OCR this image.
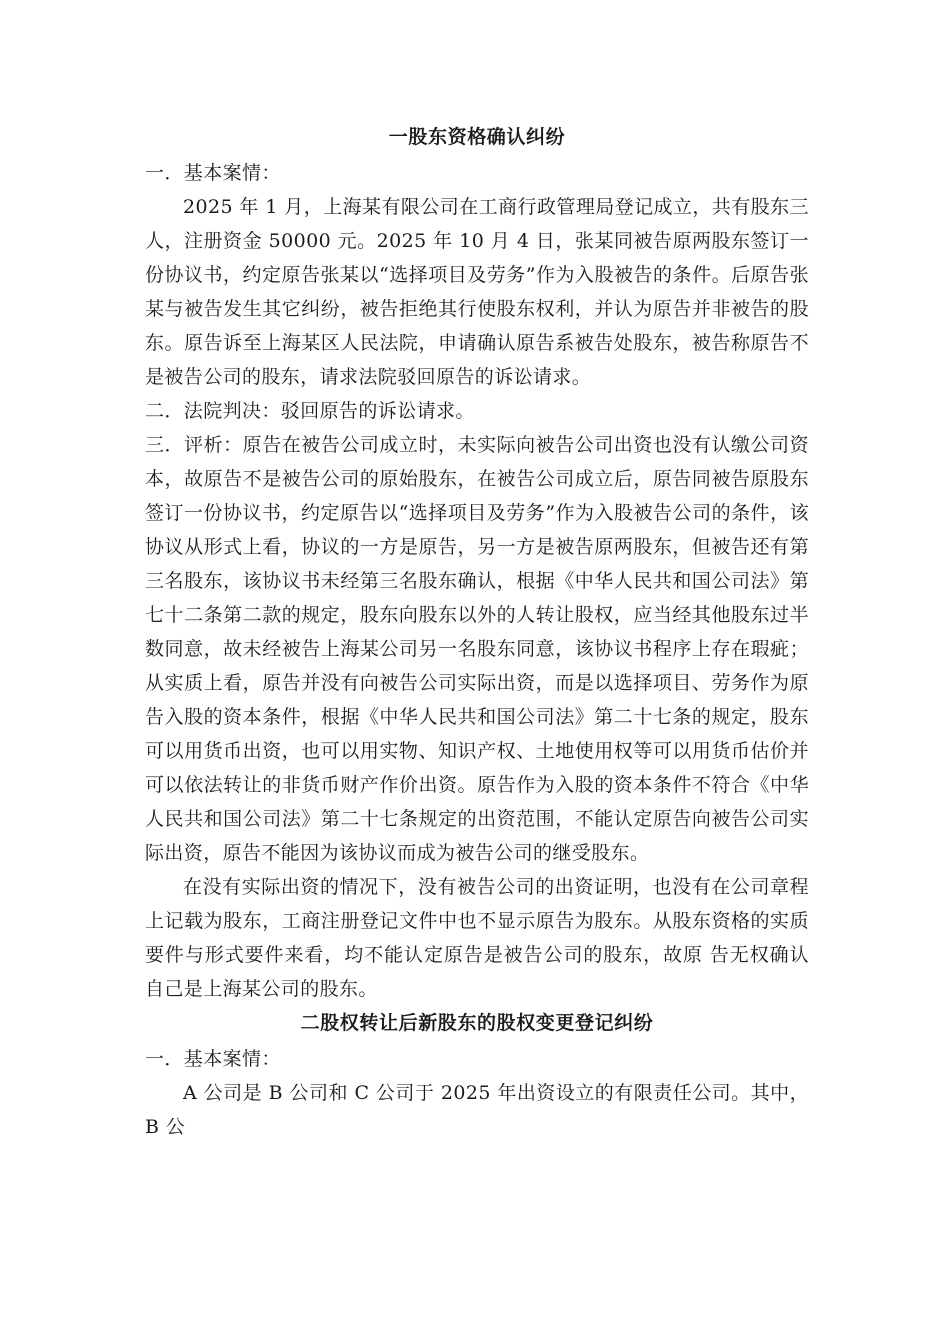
一股东资格确认纠纷

一．基本案情：

2025 年 1 月，上海某有限公司在工商行政管理局登记成立，共有股东三人，注册资金 50000 元。2025 年 10 月 4 日，张某同被告原两股东签订一份协议书，约定原告张某以“选择项目及劳务”作为入股被告的条件。后原告张某与被告发生其它纠纷，被告拒绝其行使股东权利，并认为原告并非被告的股东。原告诉至上海某区人民法院，申请确认原告系被告处股东，被告称原告不是被告公司的股东，请求法院驳回原告的诉讼请求。

二．法院判决：驳回原告的诉讼请求。

三．评析：原告在被告公司成立时，未实际向被告公司出资也没有认缴公司资本，故原告不是被告公司的原始股东，在被告公司成立后，原告同被告原股东签订一份协议书，约定原告以“选择项目及劳务”作为入股被告公司的条件，该协议从形式上看，协议的一方是原告，另一方是被告原两股东，但被告还有第三名股东，该协议书未经第三名股东确认，根据《中华人民共和国公司法》第七十二条第二款的规定，股东向股东以外的人转让股权，应当经其他股东过半数同意，故未经被告上海某公司另一名股东同意，该协议书程序上存在瑕疵；从实质上看，原告并没有向被告公司实际出资，而是以选择项目、劳务作为原告入股的资本条件，根据《中华人民共和国公司法》第二十七条的规定，股东可以用货币出资，也可以用实物、知识产权、土地使用权等可以用货币估价并可以依法转让的非货币财产作价出资。原告作为入股的资本条件不符合《中华人民共和国公司法》第二十七条规定的出资范围，不能认定原告向被告公司实际出资，原告不能因为该协议而成为被告公司的继受股东。

在没有实际出资的情况下，没有被告公司的出资证明，也没有在公司章程上记载为股东，工商注册登记文件中也不显示原告为股东。从股东资格的实质要件与形式要件来看，均不能认定原告是被告公司的股东，故原 告无权确认自己是上海某公司的股东。

二股权转让后新股东的股权变更登记纠纷

一．基本案情：

A 公司是 B 公司和 C 公司于 2025 年出资设立的有限责任公司。其中，B 公
